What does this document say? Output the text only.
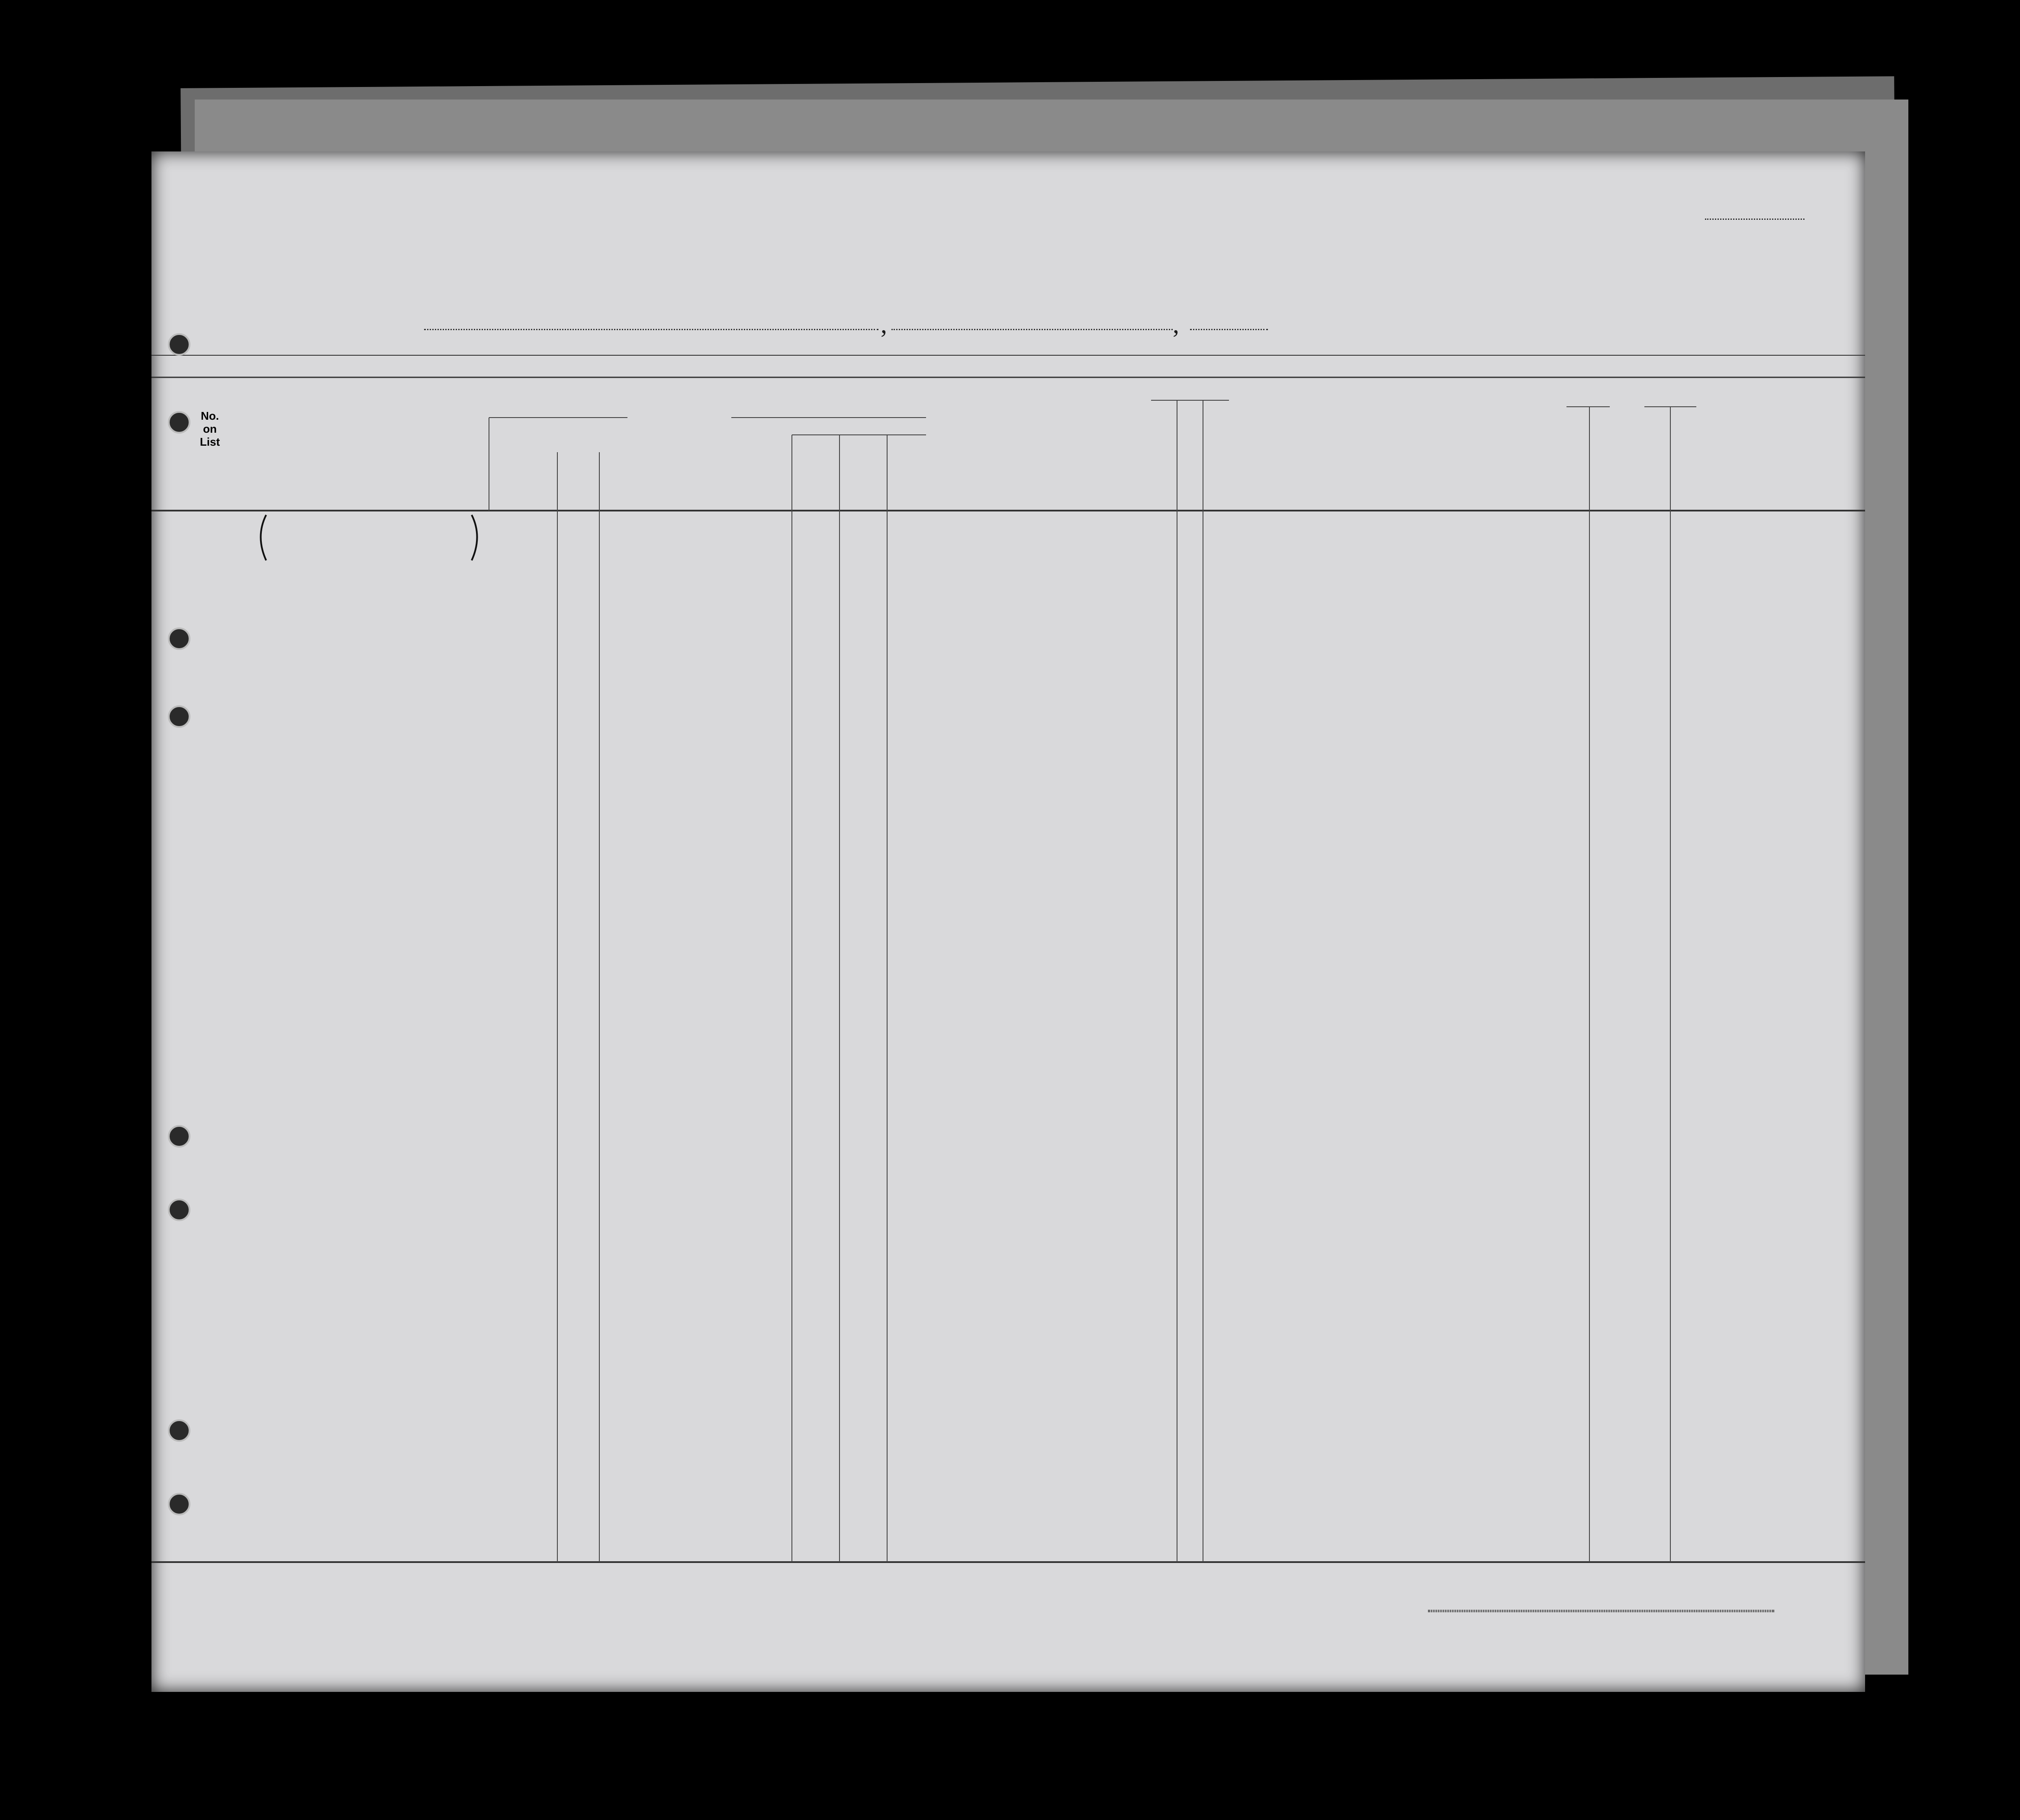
,	,
No.
on
List
